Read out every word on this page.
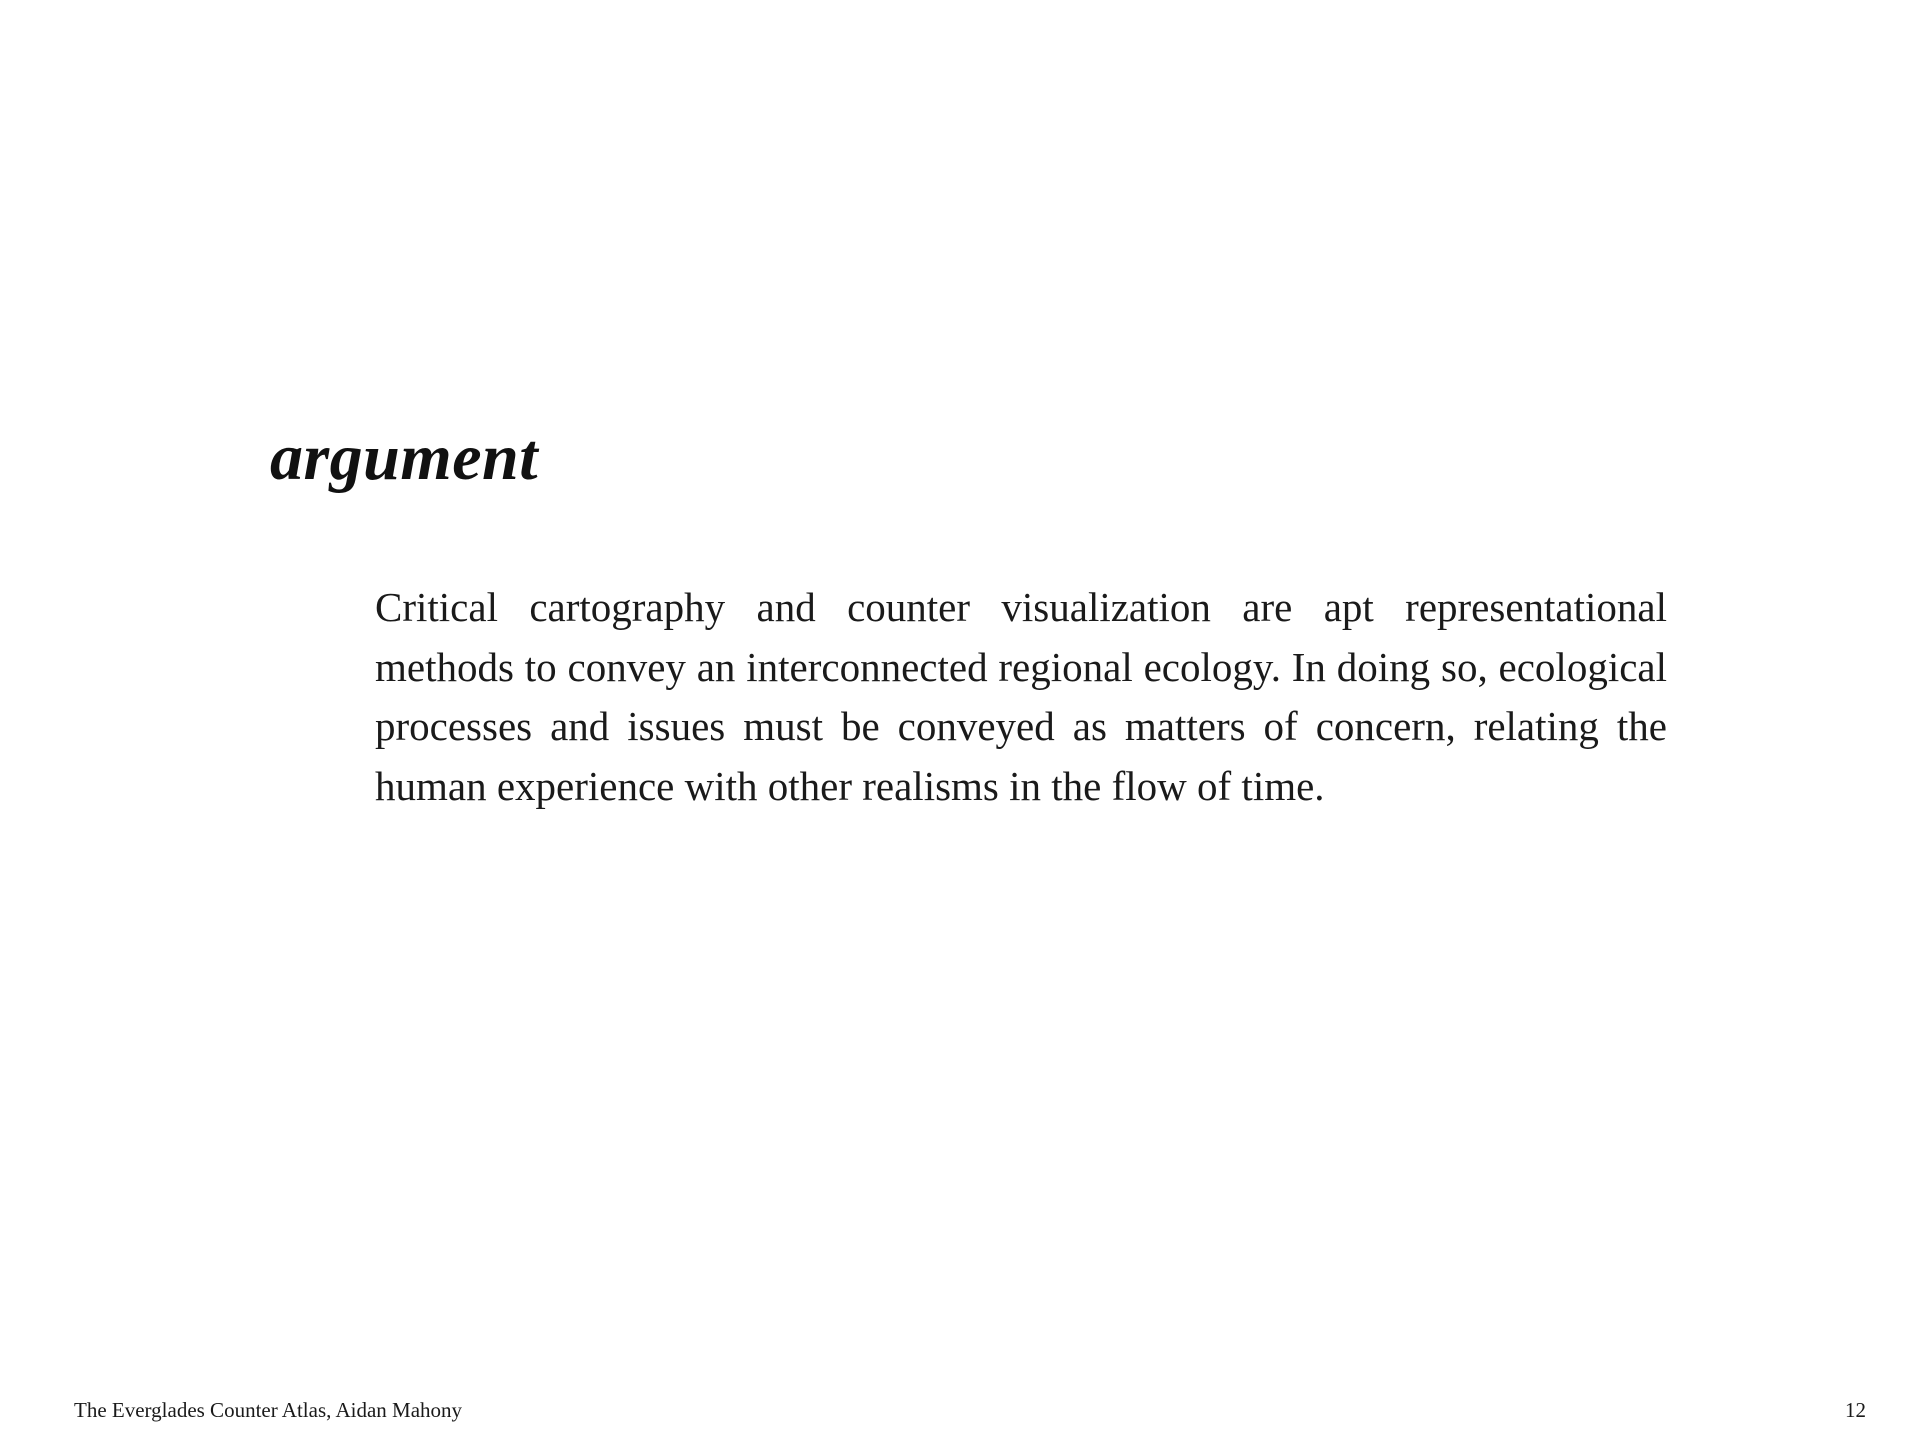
argument

Critical cartography and counter visualization are apt representational methods to convey an interconnected regional ecology. In doing so, ecological processes and issues must be conveyed as matters of concern, relating the human experience with other realisms in the flow of time.

The Everglades Counter Atlas, Aidan Mahony	12
